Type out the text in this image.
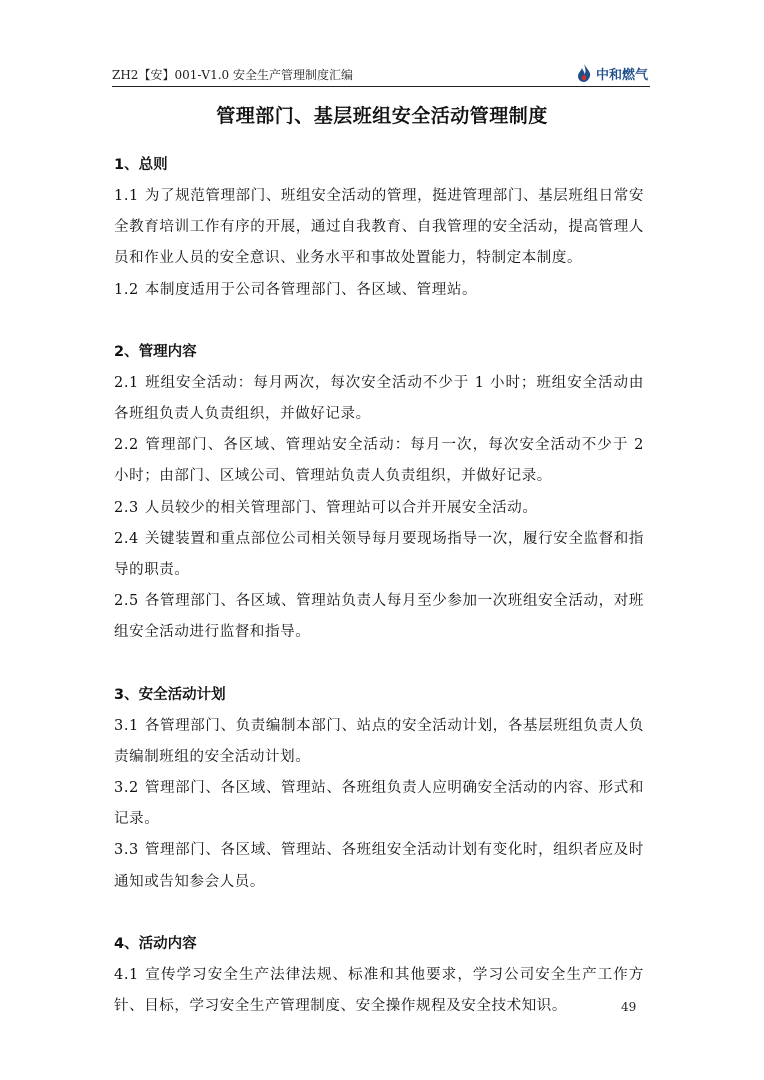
ZH2【安】001-V1.0 安全生产管理制度汇编	中和燃气
管理部门、基层班组安全活动管理制度
1、总则

1.1 为了规范管理部门、班组安全活动的管理，挺进管理部门、基层班组日常安全教育培训工作有序的开展，通过自我教育、自我管理的安全活动，提高管理人员和作业人员的安全意识、业务水平和事故处置能力，特制定本制度。

1.2 本制度适用于公司各管理部门、各区域、管理站。

2、管理内容

2.1 班组安全活动：每月两次，每次安全活动不少于 1 小时；班组安全活动由各班组负责人负责组织，并做好记录。

2.2 管理部门、各区域、管理站安全活动：每月一次，每次安全活动不少于 2 小时；由部门、区域公司、管理站负责人负责组织，并做好记录。

2.3 人员较少的相关管理部门、管理站可以合并开展安全活动。

2.4 关键装置和重点部位公司相关领导每月要现场指导一次，履行安全监督和指导的职责。

2.5 各管理部门、各区域、管理站负责人每月至少参加一次班组安全活动，对班组安全活动进行监督和指导。

3、安全活动计划

3.1 各管理部门、负责编制本部门、站点的安全活动计划，各基层班组负责人负责编制班组的安全活动计划。

3.2 管理部门、各区域、管理站、各班组负责人应明确安全活动的内容、形式和记录。

3.3 管理部门、各区域、管理站、各班组安全活动计划有变化时，组织者应及时通知或告知参会人员。

4、活动内容

4.1 宣传学习安全生产法律法规、标准和其他要求，学习公司安全生产工作方针、目标，学习安全生产管理制度、安全操作规程及安全技术知识。	49
